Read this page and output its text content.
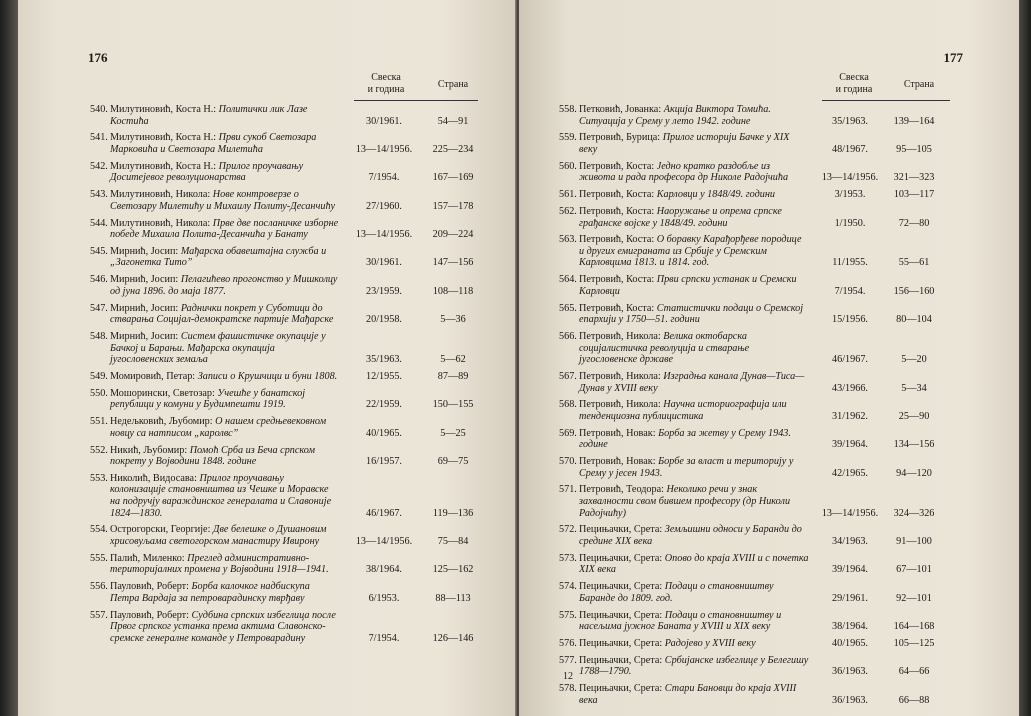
176
Свеска
и година	Страна
540. Милутиновић, Коста Н.: Политички лик Лазе Костића	30/1961.	54—91
541. Милутиновић, Коста Н.: Први сукоб Светозара Марковића и Светозара Милетића	13—14/1956.	225—234
542. Милутиновић, Коста Н.: Прилог проучавању Доситејевог револуционарства	7/1954.	167—169
543. Милутиновић, Никола: Нове контроверзе о Светозару Милетићу и Михаилу Политу-Десанчићу	27/1960.	157—178
544. Милутиновић, Никола: Прве две посланичке изборне победе Михаила Полита-Десанчића у Банату	13—14/1956.	209—224
545. Мирнић, Јосип: Мађарска обавештајна служба и „Загонетка Тито”	30/1961.	147—156
546. Мирнић, Јосип: Пелагићево прогонство у Мишколцу од јуна 1896. до маја 1877.	23/1959.	108—118
547. Мирнић, Јосип: Раднички покрет у Суботици до стварања Социјал-демократске партије Мађарске	20/1958.	5—36
548. Мирнић, Јосип: Систем фашистичке окупације у Бачкој и Барањи. Мађарска окупација југословенских земаља	35/1963.	5—62
549. Момировић, Петар: Записи о Крушчици и буни 1808.	12/1955.	87—89
550. Мошорински, Светозар: Учешће у банатској републици у комуни у Будимпешти 1919.	22/1959.	150—155
551. Недељковић, Љубомир: О нашем средњевековном новцу са натписом „каролвс”	40/1965.	5—25
552. Никић, Љубомир: Помоћ Срба из Беча српском покрету у Војводини 1848. године	16/1957.	69—75
553. Николић, Видосава: Прилог проучавању колонизације становништва из Чешке и Моравске на подручју вараждинског генералата и Славоније 1824—1830.	46/1967.	119—136
554. Острогорски, Георгије: Две белешке о Душановим хрисовуљама светогорском манастиру Ивирону	13—14/1956.	75—84
555. Палић, Миленко: Преглед административно-територијалних промена у Војводини 1918—1941.	38/1964.	125—162
556. Пауловић, Роберт: Борба калочког надбискупа Петра Вардаја за петроварадинску тврђаву	6/1953.	88—113
557. Пауловић, Роберт: Судбина српских избеглица после Првог српског устанка према актима Славонско-сремске генералне команде у Петроварадину	7/1954.	126—146
177
Свеска
и година	Страна
558. Петковић, Јованка: Акција Виктора Томића. Ситуација у Срему у лето 1942. године	35/1963.	139—164
559. Петровић, Бурица: Прилог историји Бачке у XIX веку	48/1967.	95—105
560. Петровић, Коста: Једно кратко раздобље из живота и рада професора др Николе Радојчића	13—14/1956.	321—323
561. Петровић, Коста: Карловци у 1848/49. години	3/1953.	103—117
562. Петровић, Коста: Наоружање и опрема српске грађанске војске у 1848/49. години	1/1950.	72—80
563. Петровић, Коста: О боравку Карађорђеве породице и других емиграната из Србије у Сремским Карловцима 1813. и 1814. год.	11/1955.	55—61
564. Петровић, Коста: Први српски устанак и Сремски Карловци	7/1954.	156—160
565. Петровић, Коста: Статистички подаци о Сремској епархији у 1750—51. години	15/1956.	80—104
566. Петровић, Никола: Велика октобарска социјалистичка револуција и стварање југословенске државе	46/1967.	5—20
567. Петровић, Никола: Изградња канала Дунав—Тиса—Дунав у XVIII веку	43/1966.	5—34
568. Петровић, Никола: Научна историографија или тенденциозна публицистика	31/1962.	25—90
569. Петровић, Новак: Борба за жетву у Срему 1943. године	39/1964.	134—156
570. Петровић, Новак: Борбе за власт и територију у Срему у јесен 1943.	42/1965.	94—120
571. Петровић, Теодора: Неколико речи у знак захвалности свом бившем професору (др Николи Радојчићу)	13—14/1956.	324—326
572. Пецињачки, Срета: Земљишни односи у Баранди до средине XIX века	34/1963.	91—100
573. Пецињачки, Срета: Опово до краја XVIII и с почетка XIX века	39/1964.	67—101
574. Пецињачки, Срета: Подаци о становништву Баранде до 1809. год.	29/1961.	92—101
575. Пецињачки, Срета: Подаци о становништву и насељима јужног Баната у XVIII и XIX веку	38/1964.	164—168
576. Пецињачки, Срета: Радојево у XVIII веку	40/1965.	105—125
577. Пецињачки, Срета: Србијанске избеглице у Белегишу 1788—1790.	36/1963.	64—66
578. Пецињачки, Срета: Стари Бановци до краја XVIII века	36/1963.	66—88
12
